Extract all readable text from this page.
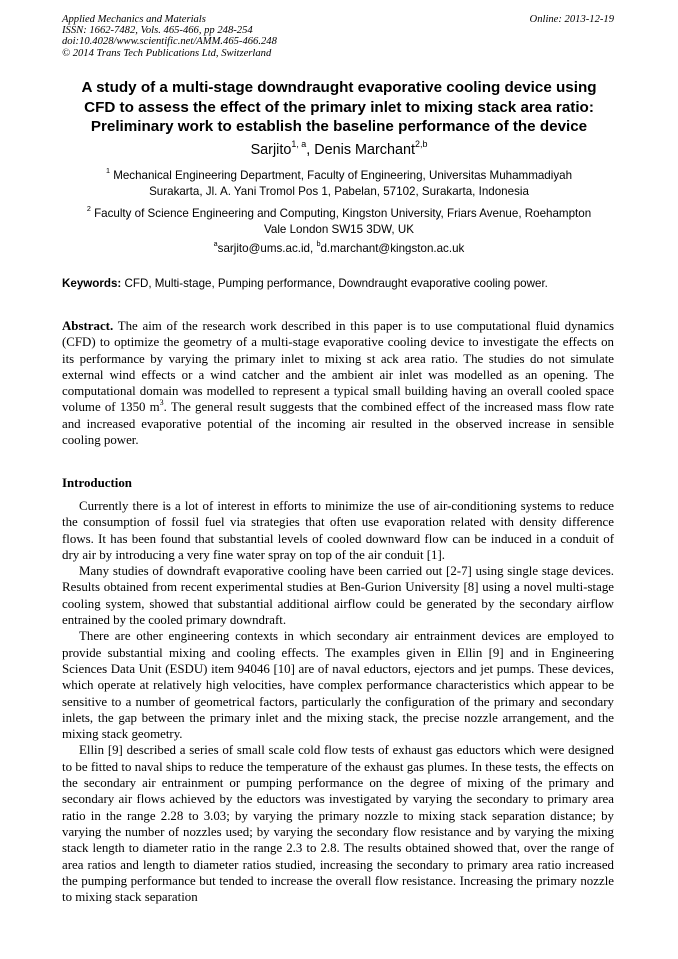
Applied Mechanics and Materials
ISSN: 1662-7482, Vols. 465-466, pp 248-254
doi:10.4028/www.scientific.net/AMM.465-466.248
© 2014 Trans Tech Publications Ltd, Switzerland
Online: 2013-12-19
A study of a multi-stage downdraught evaporative cooling device using
CFD to assess the effect of the primary inlet to mixing stack area ratio:
Preliminary work to establish the baseline performance of the device
Sarjito$^{1, a}$, Denis Marchant$^{2,b}$
$^1$ Mechanical Engineering Department, Faculty of Engineering, Universitas Muhammadiyah
Surakarta, Jl. A. Yani Tromol Pos 1, Pabelan, 57102, Surakarta, Indonesia
$^2$ Faculty of Science Engineering and Computing, Kingston University, Friars Avenue, Roehampton
Vale London SW15 3DW, UK
$^a$sarjito@ums.ac.id, $^b$d.marchant@kingston.ac.uk
Keywords: CFD, Multi-stage, Pumping performance, Downdraught evaporative cooling power.
Abstract. The aim of the research work described in this paper is to use computational fluid dynamics (CFD) to optimize the geometry of a multi-stage evaporative cooling device to investigate the effects on its performance by varying the primary inlet to mixing st ack area ratio. The studies do not simulate external wind effects or a wind catcher and the ambient air inlet was modelled as an opening. The computational domain was modelled to represent a typical small building having an overall cooled space volume of 1350 $m^3$. The general result suggests that the combined effect of the increased mass flow rate and increased evaporative potential of the incoming air resulted in the observed increase in sensible cooling power.
Introduction

Currently there is a lot of interest in efforts to minimize the use of air-conditioning systems to reduce the consumption of fossil fuel via strategies that often use evaporation related with density difference flows. It has been found that substantial levels of cooled downward flow can be induced in a conduit of dry air by introducing a very fine water spray on top of the air conduit [1].

Many studies of downdraft evaporative cooling have been carried out [2-7] using single stage devices. Results obtained from recent experimental studies at Ben-Gurion University [8] using a novel multi-stage cooling system, showed that substantial additional airflow could be generated by the secondary airflow entrained by the cooled primary downdraft.

There are other engineering contexts in which secondary air entrainment devices are employed to provide substantial mixing and cooling effects. The examples given in Ellin [9] and in Engineering Sciences Data Unit (ESDU) item 94046 [10] are of naval eductors, ejectors and jet pumps. These devices, which operate at relatively high velocities, have complex performance characteristics which appear to be sensitive to a number of geometrical factors, particularly the configuration of the primary and secondary inlets, the gap between the primary inlet and the mixing stack, the precise nozzle arrangement, and the mixing stack geometry.

Ellin [9] described a series of small scale cold flow tests of exhaust gas eductors which were designed to be fitted to naval ships to reduce the temperature of the exhaust gas plumes. In these tests, the effects on the secondary air entrainment or pumping performance on the degree of mixing of the primary and secondary air flows achieved by the eductors was investigated by varying the secondary to primary area ratio in the range 2.28 to 3.03; by varying the primary nozzle to mixing stack separation distance; by varying the number of nozzles used; by varying the secondary flow resistance and by varying the mixing stack length to diameter ratio in the range 2.3 to 2.8. The results obtained showed that, over the range of area ratios and length to diameter ratios studied, increasing the secondary to primary area ratio increased the pumping performance but tended to increase the overall flow resistance. Increasing the primary nozzle to mixing stack separation
